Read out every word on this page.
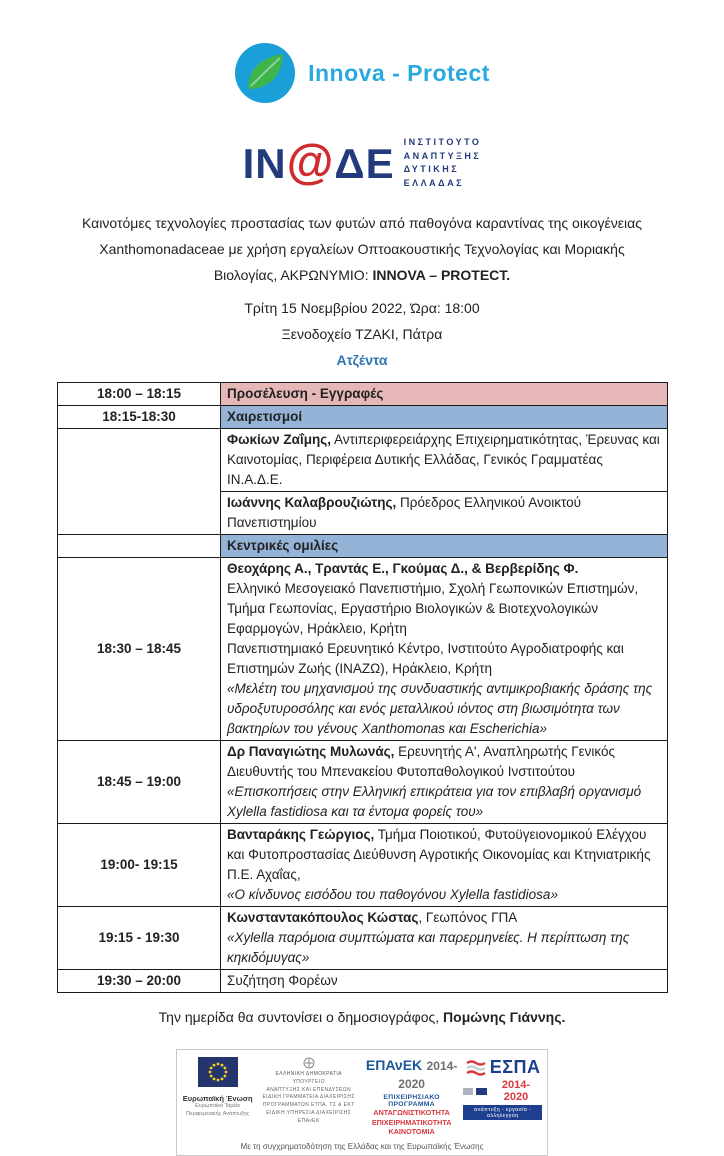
Innova - Protect
IN@ΔΕ ΙΝΣΤΙΤΟΥΤΟ
ΑΝΑΠΤΥΞΗΣ
ΔΥΤΙΚΗΣ
ΕΛΛΑΔΑΣ
Καινοτόμες τεχνολογίες προστασίας των φυτών από παθογόνα καραντίνας της οικογένειας
Xanthomonadaceae με χρήση εργαλείων Οπτοακουστικής Τεχνολογίας και Μοριακής
Βιολογίας, ΑΚΡΩΝΥΜΙΟ: INNOVA – PROTECT.
Τρίτη 15 Νοεμβρίου 2022, Ώρα: 18:00
Ξενοδοχείο ΤΖΑΚΙ, Πάτρα
Ατζέντα
18:00 – 18:15	Προσέλευση - Εγγραφές

18:15-18:30	Χαιρετισμοί

	Φωκίων Ζαΐμης, Αντιπεριφερειάρχης Επιχειρηματικότητας, Έρευνας και Καινοτομίας, Περιφέρεια Δυτικής Ελλάδας, Γενικός Γραμματέας ΙΝ.Α.Δ.Ε.

	Ιωάννης Καλαβρουζιώτης, Πρόεδρος Ελληνικού Ανοικτού Πανεπιστημίου

	Κεντρικές ομιλίες

18:30 – 18:45	Θεοχάρης Α., Τραντάς Ε., Γκούμας Δ., & Βερβερίδης Φ.
Ελληνικό Μεσογειακό Πανεπιστήμιο, Σχολή Γεωπονικών Επιστημών, Τμήμα Γεωπονίας, Εργαστήριο Βιολογικών & Βιοτεχνολογικών Εφαρμογών, Ηράκλειο, Κρήτη
Πανεπιστημιακό Ερευνητικό Κέντρο, Ινστιτούτο Αγροδιατροφής και Επιστημών Ζωής (ΙΝΑΖΩ), Ηράκλειο, Κρήτη
«Μελέτη του μηχανισμού της συνδυαστικής αντιμικροβιακής δράσης της υδροξυτυροσόλης και ενός μεταλλικού ιόντος στη βιωσιμότητα των βακτηρίων του γένους Xanthomonas και Escherichia»

18:45 – 19:00	Δρ Παναγιώτης Μυλωνάς, Ερευνητής Α', Αναπληρωτής Γενικός Διευθυντής του Μπενακείου Φυτοπαθολογικού Ινστιτούτου
«Επισκοπήσεις στην Ελληνική επικράτεια για τον επιβλαβή οργανισμό Xylella fastidiosa και τα έντομα φορείς του»

19:00- 19:15	Βανταράκης Γεώργιος, Τμήμα Ποιοτικού, Φυτοϋγειονομικού Ελέγχου και Φυτοπροστασίας Διεύθυνση Αγροτικής Οικονομίας και Κτηνιατρικής Π.Ε. Αχαΐας,
«Ο κίνδυνος εισόδου του παθογόνου Xylella fastidiosa»

19:15 - 19:30	Κωνσταντακόπουλος Κώστας, Γεωπόνος ΓΠΑ
«Xylella παρόμοια συμπτώματα και παρερμηνείες. Η περίπτωση της κηκιδόμυγας»

19:30 – 20:00	Συζήτηση Φορέων
Την ημερίδα θα συντονίσει ο δημοσιογράφος, Πομώνης Γιάννης.
Ευρωπαϊκή Ένωση
Ευρωπαϊκό Ταμείο
Περιφερειακής Ανάπτυξης
ΕΛΛΗΝΙΚΗ ΔΗΜΟΚΡΑΤΙΑ
ΥΠΟΥΡΓΕΙΟ
ΑΝΑΠΤΥΞΗΣ ΚΑΙ ΕΠΕΝΔΥΣΕΩΝ
ΕΙΔΙΚΗ ΓΡΑΜΜΑΤΕΙΑ ΔΙΑΧΕΙΡΙΣΗΣ
ΠΡΟΓΡΑΜΜΑΤΩΝ ΕΤΠΑ, ΤΣ & ΕΚΤ
ΕΙΔΙΚΗ ΥΠΗΡΕΣΙΑ ΔΙΑΧΕΙΡΙΣΗΣ ΕΠΑνΕΚ
ΕΠΑνΕΚ 2014-2020
ΕΠΙΧΕΙΡΗΣΙΑΚΟ ΠΡΟΓΡΑΜΜΑ
ΑΝΤΑΓΩΝΙΣΤΙΚΟΤΗΤΑ
ΕΠΙΧΕΙΡΗΜΑΤΙΚΟΤΗΤΑ
ΚΑΙΝΟΤΟΜΙΑ
ΕΣΠΑ
2014-2020
ανάπτυξη - εργασία - αλληλεγγύη
Με τη συγχρηματοδότηση της Ελλάδας και της Ευρωπαϊκής Ένωσης
